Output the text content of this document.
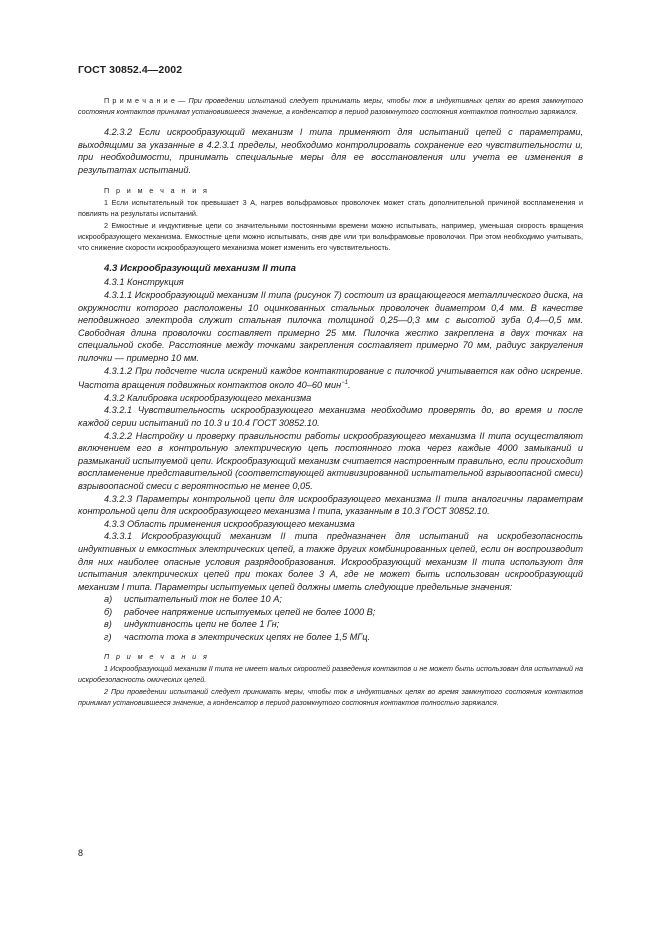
ГОСТ 30852.4—2002

П р и м е ч а н и е — При проведении испытаний следует принимать меры, чтобы ток в индуктивных цепях во время замкнутого состояния контактов принимал установившееся значение, а конденсатор в период разомкнутого состояния контактов полностью заряжался.

4.2.3.2 Если искрообразующий механизм I типа применяют для испытаний цепей с параметрами, выходящими за указанные в 4.2.3.1 пределы, необходимо контролировать сохранение его чувствительности и, при необходимости, принимать специальные меры для ее восстановления или учета ее изменения в результатах испытаний.

П р и м е ч а н и я

1 Если испытательный ток превышает 3 А, нагрев вольфрамовых проволочек может стать дополнительной причиной воспламенения и повлиять на результаты испытаний.

2 Емкостные и индуктивные цепи со значительными постоянными времени можно испытывать, например, уменьшая скорость вращения искрообразующего механизма. Емкостные цепи можно испытывать, сняв две или три вольфрамовые проволочки. При этом необходимо учитывать, что снижение скорости искрообразующего механизма может изменить его чувствительность.

4.3 Искрообразующий механизм II типа

4.3.1 Конструкция

4.3.1.1 Искрообразующий механизм II типа (рисунок 7) состоит из вращающегося металлического диска, на окружности которого расположены 10 оцинкованных стальных проволочек диаметром 0,4 мм. В качестве неподвижного электрода служит стальная пилочка толщиной 0,25—0,3 мм с высотой зуба 0,4—0,5 мм. Свободная длина проволочки составляет примерно 25 мм. Пилочка жестко закреплена в двух точках на специальной скобе. Расстояние между точками закрепления составляет примерно 70 мм, радиус закругления пилочки — примерно 10 мм.

4.3.1.2 При подсчете числа искрений каждое контактирование с пилочкой учитывается как одно искрение. Частота вращения подвижных контактов около 40–60 мин$^{-1}$.

4.3.2 Калибровка искрообразующего механизма

4.3.2.1 Чувствительность искрообразующего механизма необходимо проверять до, во время и после каждой серии испытаний по 10.3 и 10.4 ГОСТ 30852.10.

4.3.2.2 Настройку и проверку правильности работы искрообразующего механизма II типа осуществляют включением его в контрольную электрическую цепь постоянного тока через каждые 4000 замыканий и размыканий испытуемой цепи. Искрообразующий механизм считается настроенным правильно, если происходит воспламенение представительной (соответствующей активизированной испытательной взрывоопасной смеси) взрывоопасной смеси с вероятностью не менее 0,05.

4.3.2.3 Параметры контрольной цепи для искрообразующего механизма II типа аналогичны параметрам контрольной цепи для искрообразующего механизма I типа, указанным в 10.3 ГОСТ 30852.10.

4.3.3 Область применения искрообразующего механизма

4.3.3.1 Искрообразующий механизм II типа предназначен для испытаний на искробезопасность индуктивных и емкостных электрических цепей, а также других комбинированных цепей, если он воспроизводит для них наиболее опасные условия разрядообразования. Искрообразующий механизм II типа используют для испытания электрических цепей при токах более 3 А, где не может быть использован искрообразующий механизм I типа. Параметры испытуемых цепей должны иметь следующие предельные значения:

а) испытательный ток не более 10 А;

б) рабочее напряжение испытуемых цепей не более 1000 В;

в) индуктивность цепи не более 1 Гн;

г) частота тока в электрических цепях не более 1,5 МГц.

П р и м е ч а н и я

1 Искрообразующий механизм II типа не имеет малых скоростей разведения контактов и не может быть использован для испытаний на искробезопасность омических цепей.

2 При проведении испытаний следует принимать меры, чтобы ток в индуктивных цепях во время замкнутого состояния контактов принимал установившееся значение, а конденсатор в период разомкнутого состояния контактов полностью заряжался.

8
